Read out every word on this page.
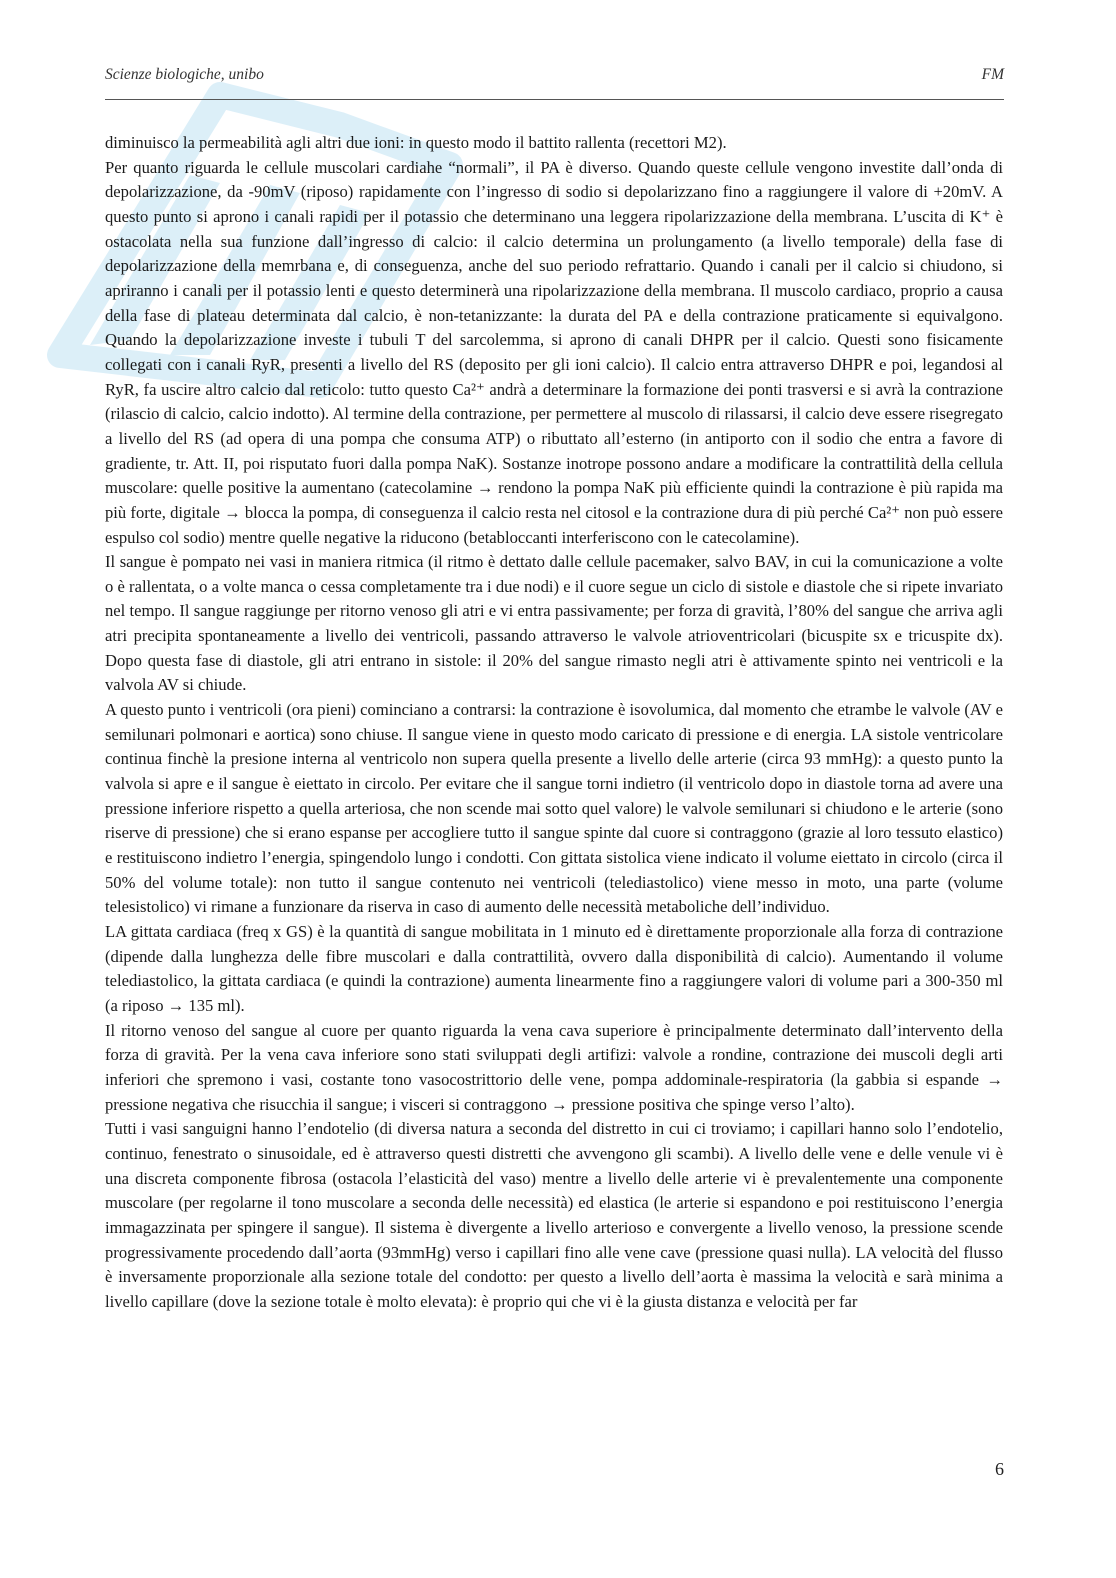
Scienze biologiche, unibo	FM

diminuisco la permeabilità agli altri due ioni: in questo modo il battito rallenta (recettori M2).

Per quanto riguarda le cellule muscolari cardiahe “normali”, il PA è diverso. Quando queste cellule vengono investite dall’onda di depolarizzazione, da -90mV (riposo) rapidamente con l’ingresso di sodio si depolarizzano fino a raggiungere il valore di +20mV. A questo punto si aprono i canali rapidi per il potassio che determinano una leggera ripolarizzazione della membrana. L’uscita di K⁺ è ostacolata nella sua funzione dall’ingresso di calcio: il calcio determina un prolungamento (a livello temporale) della fase di depolarizzazione della memrbana e, di conseguenza, anche del suo periodo refrattario. Quando i canali per il calcio si chiudono, si apriranno i canali per il potassio lenti e questo determinerà una ripolarizzazione della membrana. Il muscolo cardiaco, proprio a causa della fase di plateau determinata dal calcio, è non-tetanizzante: la durata del PA e della contrazione praticamente si equivalgono. Quando la depolarizzazione investe i tubuli T del sarcolemma, si aprono di canali DHPR per il calcio. Questi sono fisicamente collegati con i canali RyR, presenti a livello del RS (deposito per gli ioni calcio). Il calcio entra attraverso DHPR e poi, legandosi al RyR, fa uscire altro calcio dal reticolo: tutto questo Ca²⁺ andrà a determinare la formazione dei ponti trasversi e si avrà la contrazione (rilascio di calcio, calcio indotto). Al termine della contrazione, per permettere al muscolo di rilassarsi, il calcio deve essere risegregato a livello del RS (ad opera di una pompa che consuma ATP) o ributtato all’esterno (in antiporto con il sodio che entra a favore di gradiente, tr. Att. II, poi risputato fuori dalla pompa NaK). Sostanze inotrope possono andare a modificare la contrattilità della cellula muscolare: quelle positive la aumentano (catecolamine → rendono la pompa NaK più efficiente quindi la contrazione è più rapida ma più forte, digitale → blocca la pompa, di conseguenza il calcio resta nel citosol e la contrazione dura di più perché Ca²⁺ non può essere espulso col sodio) mentre quelle negative la riducono (betabloccanti interferiscono con le catecolamine).

Il sangue è pompato nei vasi in maniera ritmica (il ritmo è dettato dalle cellule pacemaker, salvo BAV, in cui la comunicazione a volte o è rallentata, o a volte manca o cessa completamente tra i due nodi) e il cuore segue un ciclo di sistole e diastole che si ripete invariato nel tempo. Il sangue raggiunge per ritorno venoso gli atri e vi entra passivamente; per forza di gravità, l’80% del sangue che arriva agli atri precipita spontaneamente a livello dei ventricoli, passando attraverso le valvole atrioventricolari (bicuspite sx e tricuspite dx). Dopo questa fase di diastole, gli atri entrano in sistole: il 20% del sangue rimasto negli atri è attivamente spinto nei ventricoli e la valvola AV si chiude.

A questo punto i ventricoli (ora pieni) cominciano a contrarsi: la contrazione è isovolumica, dal momento che etrambe le valvole (AV e semilunari polmonari e aortica) sono chiuse. Il sangue viene in questo modo caricato di pressione e di energia. LA sistole ventricolare continua finchè la presione interna al ventricolo non supera quella presente a livello delle arterie (circa 93 mmHg): a questo punto la valvola si apre e il sangue è eiettato in circolo. Per evitare che il sangue torni indietro (il ventricolo dopo in diastole torna ad avere una pressione inferiore rispetto a quella arteriosa, che non scende mai sotto quel valore) le valvole semilunari si chiudono e le arterie (sono riserve di pressione) che si erano espanse per accogliere tutto il sangue spinte dal cuore si contraggono (grazie al loro tessuto elastico) e restituiscono indietro l’energia, spingendolo lungo i condotti. Con gittata sistolica viene indicato il volume eiettato in circolo (circa il 50% del volume totale): non tutto il sangue contenuto nei ventricoli (telediastolico) viene messo in moto, una parte (volume telesistolico) vi rimane a funzionare da riserva in caso di aumento delle necessità metaboliche dell’individuo.

LA gittata cardiaca (freq x GS) è la quantità di sangue mobilitata in 1 minuto ed è direttamente proporzionale alla forza di contrazione (dipende dalla lunghezza delle fibre muscolari e dalla contrattilità, ovvero dalla disponibilità di calcio). Aumentando il volume telediastolico, la gittata cardiaca (e quindi la contrazione) aumenta linearmente fino a raggiungere valori di volume pari a 300-350 ml (a riposo → 135 ml).

Il ritorno venoso del sangue al cuore per quanto riguarda la vena cava superiore è principalmente determinato dall’intervento della forza di gravità. Per la vena cava inferiore sono stati sviluppati degli artifizi: valvole a rondine, contrazione dei muscoli degli arti inferiori che spremono i vasi, costante tono vasocostrittorio delle vene, pompa addominale-respiratoria (la gabbia si espande → pressione negativa che risucchia il sangue; i visceri si contraggono → pressione positiva che spinge verso l’alto).

Tutti i vasi sanguigni hanno l’endotelio (di diversa natura a seconda del distretto in cui ci troviamo; i capillari hanno solo l’endotelio, continuo, fenestrato o sinusoidale, ed è attraverso questi distretti che avvengono gli scambi). A livello delle vene e delle venule vi è una discreta componente fibrosa (ostacola l’elasticità del vaso) mentre a livello delle arterie vi è prevalentemente una componente muscolare (per regolarne il tono muscolare a seconda delle necessità) ed elastica (le arterie si espandono e poi restituiscono l’energia immagazzinata per spingere il sangue). Il sistema è divergente a livello arterioso e convergente a livello venoso, la pressione scende progressivamente procedendo dall’aorta (93mmHg) verso i capillari fino alle vene cave (pressione quasi nulla). LA velocità del flusso è inversamente proporzionale alla sezione totale del condotto: per questo a livello dell’aorta è massima la velocità e sarà minima a livello capillare (dove la sezione totale è molto elevata): è proprio qui che vi è la giusta distanza e velocità per far

6
